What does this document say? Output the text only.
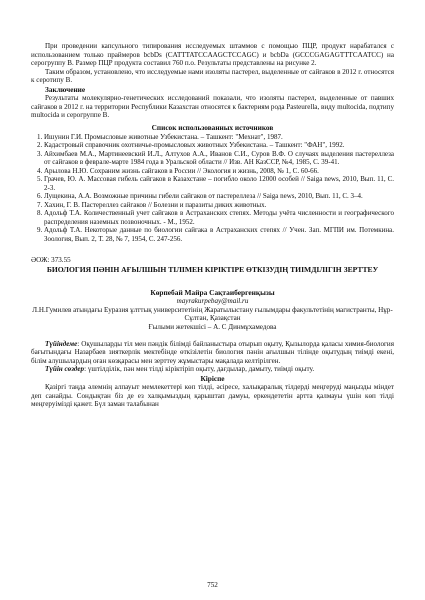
При проведении капсульного типирования исследуемых штаммов с помощью ПЦР, продукт нарабатался с использованием только праймеров bcbDs (CATTTATCCAAGCTCCAGC) и bcbDa (GCCCGAGAGTTTCAATCC) на серогруппу В. Размер ПЦР продукта составил 760 п.о. Результаты представлены на рисунке 2.

Таким образом, установлено, что исследуемые нами изоляты пастерел, выделенные от сайгаков в 2012 г. относятся к серотипу В.

Заключение

Результаты молекулярно-генетических исследований показали, что изоляты пастерел, выделенные от павших сайгаков в 2012 г. на территории Республики Казахстан относятся к бактериям рода Pasteurella, виду multocida, подтипу multocida и серогруппе В.

Список использованных источников

1. Ишунин Г.И. Промысловые животные Узбекистана. – Ташкент: "Мехнат", 1987.
2. Кадастровый справочник охотничье-промысловых животных Узбекистана. – Ташкент: "ФАН", 1992.
3. Айхимбаев М.А., Мартинеевский И.Л., Алтухов А.А., Иванов С.И., Суров В.Ф. О случаях выделения пастереллеза от сайгаков в феврале-марте 1984 года в Уральской области // Изв. АН КазССР, №4, 1985, С. 39-41.
4. Арылова Н.Ю. Сохраним жизнь сайгаков в России // Экология и жизнь, 2008, № 1, С. 60-66.
5. Грачев, Ю. А. Массовая гибель сайгаков в Казахстане – погибло около 12000 особей // Saiga news, 2010, Вып. 11, С. 2-3.
6. Лущекина, А.А. Возможные причины гибели сайгаков от пастереллеза // Saiga news, 2010, Вып. 11, С. 3–4.
7. Хахин, Г. В. Пастереллез сайгаков // Болезни и паразиты диких животных.
8. Адольф Т.А. Количественный учет сайгаков в Астраханских степях. Методы учёта численности и географического распределения наземных позвоночных. - М., 1952.
9. Адольф Т.А. Некоторые данные по биологии сайгака в Астраханских степях // Учен. Зап. МГПИ им. Потемкина. Зоология, Вып. 2, Т. 28, № 7, 1954, С. 247-256.

ӘОЖ: 373.55

БИОЛОГИЯ ПӘНІН АҒЫЛШЫН ТІЛІМЕН КІРІКТІРЕ ӨТКІЗУДІҢ ТИІМДІЛІГІН ЗЕРТТЕУ

Көрпебай Майра Сақтаибергенқызы

mayrakurpebay@mail.ru

Л.Н.Гумилев атындағы Еуразия ұлттық университетінің Жаратылыстану ғылымдары факультетінің магистранты, Нұр-Сұлтан, Қазақстан

Ғылыми жетекшісі – А. С Динмұхамедова

Түйіндеме: Оқушыларды тіл мен пәндік білімді байланыстыра отырып оқыту, Қызылорда қаласы химия-биология бағытындағы Назарбаев зияткерлік мектебінде өткізілетін биология пәнін ағылшын тілінде оқытудың тиімді екені, білім алушылардың оған көзқарасы мен зерттеу жұмыстары мақалада келтірілген.

Түйін сөздер: үштілділік, пән мен тілді кіріктіріп оқыту, дағдылар, дамыту, тиімді оқыту.

Кіріспе

Қазіргі таңда әлемнің алпауыт мемлекеттері көп тілді, әсіресе, халықаралық тілдерді меңгеруді маңызды міндет деп санайды. Сондықтан біз де ез халқымыздың қарыштап дамуы, еркендететін артта қалмауы үшін көп тілді меңгеруімізді қажет. Бүл заман талабынан

752
